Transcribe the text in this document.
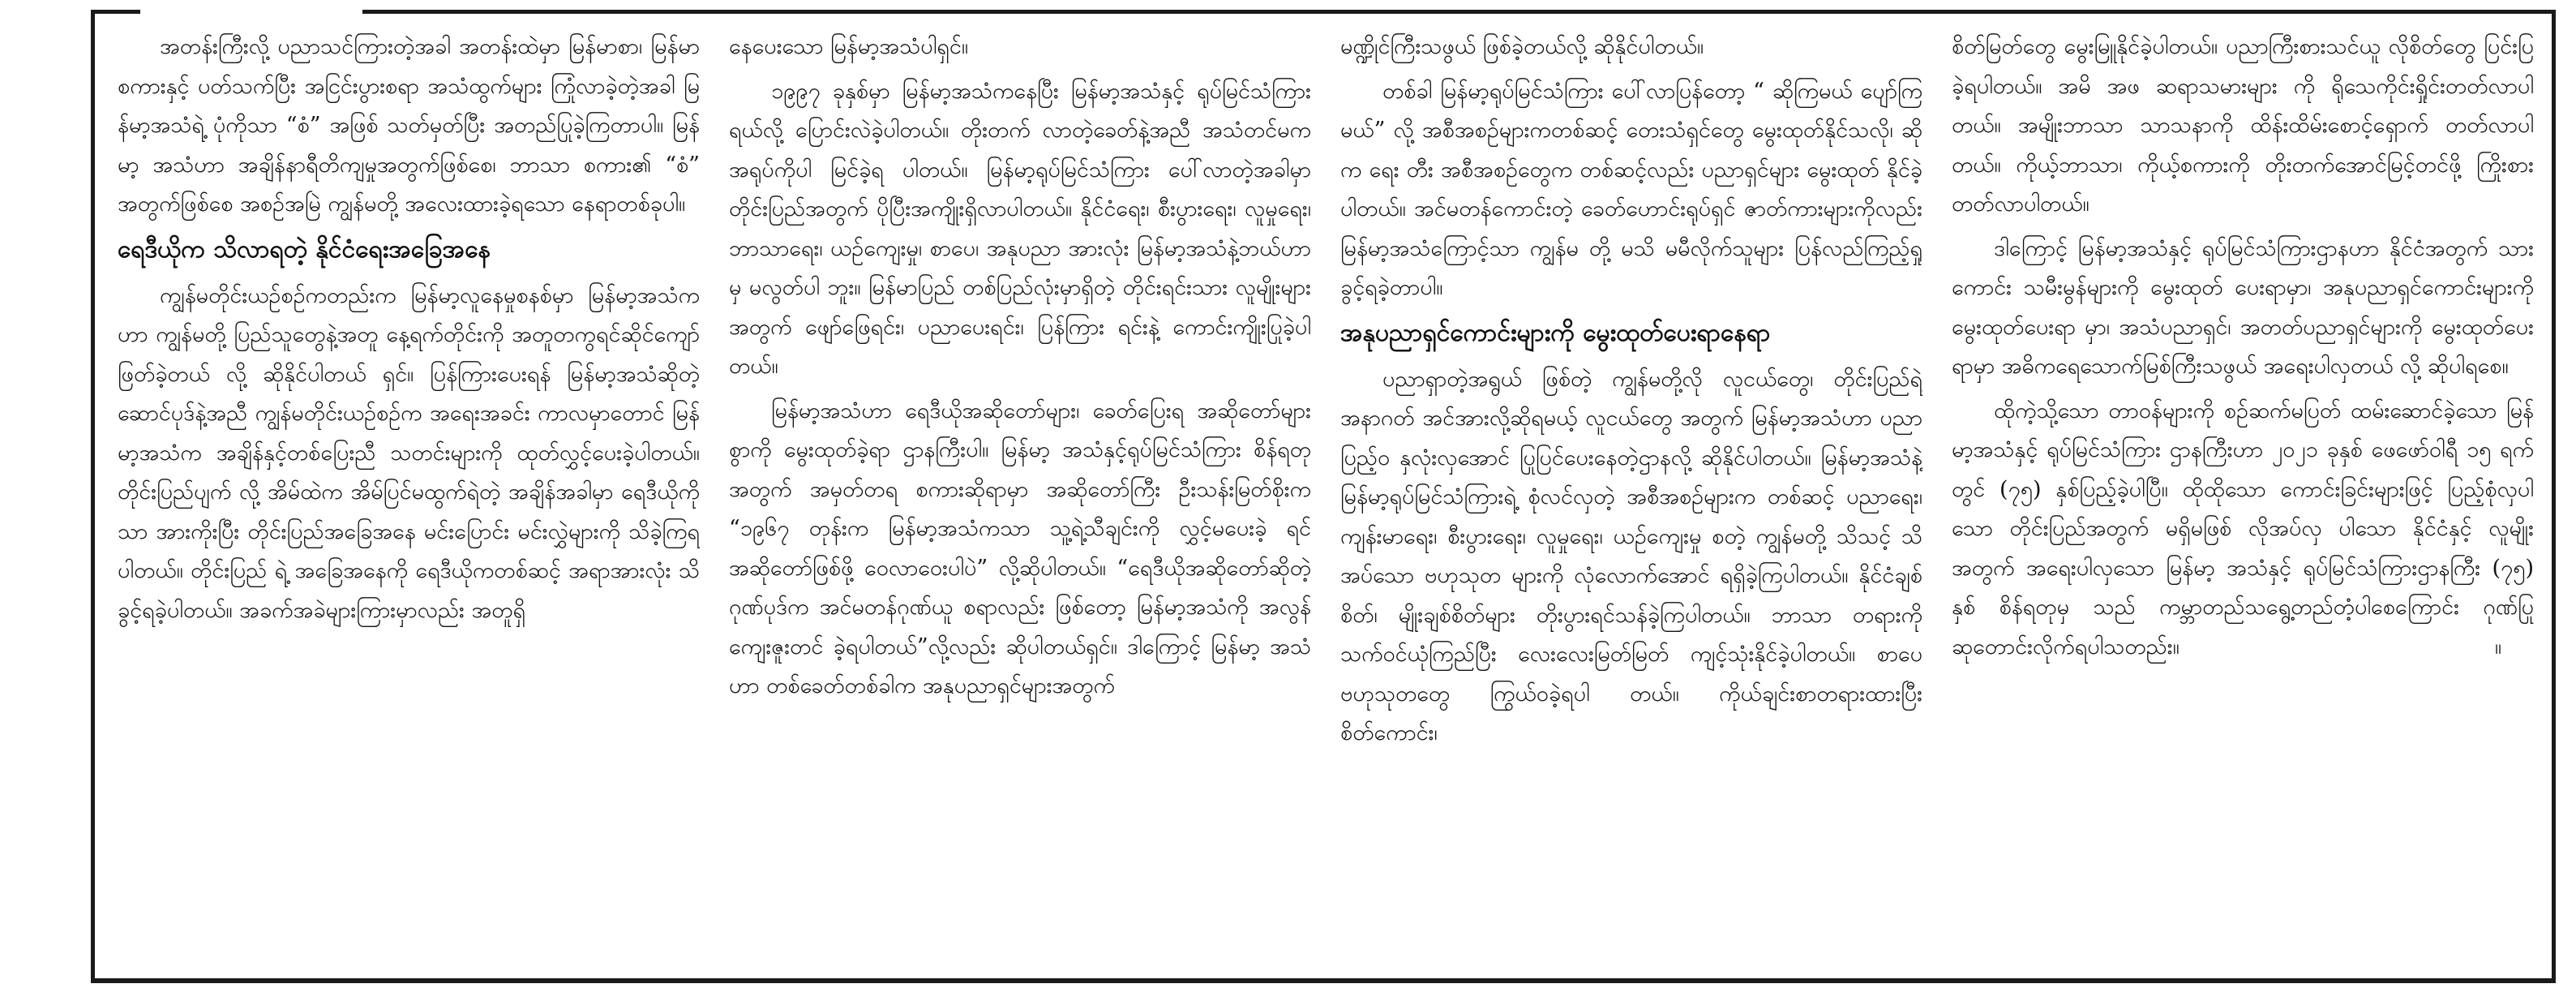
အတန်းကြီးလို့ ပညာသင်ကြားတဲ့အခါ အတန်းထဲမှာ မြန်မာစာ၊ မြန်မာစကားနှင့် ပတ်သက်ပြီး အငြင်းပွားစရာ အသံထွက်များ ကြုံလာခဲ့တဲ့အခါ မြန်မာ့အသံရဲ့ ပုံကိုသာ “စံ” အဖြစ် သတ်မှတ်ပြီး အတည်ပြုခဲ့ကြတာပါ။ မြန်မာ့ အသံဟာ အချိန်နာရီတိကျမှုအတွက်ဖြစ်စေ၊ ဘာသာ စကား၏ “စံ” အတွက်ဖြစ်စေ အစဉ်အမြဲ ကျွန်မတို့ အလေးထားခဲ့ရသော နေရာတစ်ခုပါ။

ရေဒီယိုက သိလာရတဲ့ နိုင်ငံရေးအခြေအနေ

ကျွန်မတိုင်းယဉ်စဉ်ကတည်းက မြန်မာ့လူနေမှုစနစ်မှာ မြန်မာ့အသံကဟာ ကျွန်မတို့ ပြည်သူတွေနဲ့အတူ နေ့ရက်တိုင်းကို အတူတကွရင်ဆိုင်ကျော်ဖြတ်ခဲ့တယ် လို့ ဆိုနိုင်ပါတယ် ရှင်။ ပြန်ကြားပေးရန် မြန်မာ့အသံဆိုတဲ့ ဆောင်ပုဒ်နဲ့အညီ ကျွန်မတိုင်းယဉ်စဉ်က အရေးအခင်း ကာလမှာတောင် မြန်မာ့အသံက အချိန်နှင့်တစ်ပြေးညီ သတင်းများကို ထုတ်လွှင့်ပေးခဲ့ပါတယ်။ တိုင်းပြည်ပျက် လို့ အိမ်ထဲက အိမ်ပြင်မထွက်ရဲတဲ့ အချိန်အခါမှာ ရေဒီယိုကိုသာ အားကိုးပြီး တိုင်းပြည်အခြေအနေ မင်းပြောင်း မင်းလွှဲများကို သိခဲ့ကြရပါတယ်။ တိုင်းပြည် ရဲ့ အခြေအနေကို ရေဒီယိုကတစ်ဆင့် အရာအားလုံး သိခွင့်ရခဲ့ပါတယ်။ အခက်အခဲများကြားမှာလည်း အတူရှိ

နေပေးသော မြန်မာ့အသံပါရှင်။

၁၉၉၇ ခုနှစ်မှာ မြန်မာ့အသံကနေပြီး မြန်မာ့အသံနှင့် ရုပ်မြင်သံကြားရယ်လို့ ပြောင်းလဲခဲ့ပါတယ်။ တိုးတက် လာတဲ့ခေတ်နဲ့အညီ အသံတင်မက အရုပ်ကိုပါ မြင်ခဲ့ရ ပါတယ်။ မြန်မာ့ရုပ်မြင်သံကြား ပေါ်လာတဲ့အခါမှာ တိုင်းပြည်အတွက် ပိုပြီးအကျိုးရှိလာပါတယ်။ နိုင်ငံရေး၊ စီးပွားရေး၊ လူမှုရေး၊ ဘာသာရေး၊ ယဉ်ကျေးမှု၊ စာပေ၊ အနုပညာ အားလုံး မြန်မာ့အသံနဲ့ဘယ်ဟာမှ မလွတ်ပါ ဘူး။ မြန်မာပြည် တစ်ပြည်လုံးမှာရှိတဲ့ တိုင်းရင်းသား လူမျိုးများအတွက် ဖျော်ဖြေရင်း၊ ပညာပေးရင်း၊ ပြန်ကြား ရင်းနဲ့ ကောင်းကျိုးပြုခဲ့ပါတယ်။

မြန်မာ့အသံဟာ ရေဒီယိုအဆိုတော်များ၊ ခေတ်ပြေးရ အဆိုတော်များစွာကို မွေးထုတ်ခဲ့ရာ ဌာနကြီးပါ။ မြန်မာ့ အသံနှင့်ရုပ်မြင်သံကြား စိန်ရတုအတွက် အမှတ်တရ စကားဆိုရာမှာ အဆိုတော်ကြီး ဦးသန်းမြတ်စိုးက “၁၉၆၇ တုန်းက မြန်မာ့အသံကသာ သူ့ရဲ့သီချင်းကို လွှင့်မပေးခဲ့ ရင် အဆိုတော်ဖြစ်ဖို့ ဝေလာဝေးပါပဲ” လို့ဆိုပါတယ်။ “ရေဒီယိုအဆိုတော်ဆိုတဲ့ ဂုဏ်ပုဒ်က အင်မတန်ဂုဏ်ယူ စရာလည်း ဖြစ်တော့ မြန်မာ့အသံကို အလွန်ကျေးဇူးတင် ခဲ့ရပါတယ်”လို့လည်း ဆိုပါတယ်ရှင်။ ဒါကြောင့် မြန်မာ့ အသံဟာ တစ်ခေတ်တစ်ခါက အနုပညာရှင်များအတွက်

မဏ္ဍိုင်ကြီးသဖွယ် ဖြစ်ခဲ့တယ်လို့ ဆိုနိုင်ပါတယ်။

တစ်ခါ မြန်မာ့ရုပ်မြင်သံကြား ပေါ်လာပြန်တော့ “ ဆိုကြမယ် ပျော်ကြမယ်” လို့ အစီအစဉ်များကတစ်ဆင့် တေးသံရှင်တွေ မွေးထုတ်နိုင်သလို၊ ဆို က ရေး တီး အစီအစဉ်တွေက တစ်ဆင့်လည်း ပညာရှင်များ မွေးထုတ် နိုင်ခဲ့ပါတယ်။ အင်မတန်ကောင်းတဲ့ ခေတ်ဟောင်းရုပ်ရှင် ဇာတ်ကားများကိုလည်း မြန်မာ့အသံကြောင့်သာ ကျွန်မ တို့ မသိ မမီလိုက်သူများ ပြန်လည်ကြည့်ရှုခွင့်ရခဲ့တာပါ။

အနုပညာရှင်ကောင်းများကို မွေးထုတ်ပေးရာနေရာ

ပညာရှာတဲ့အရွယ် ဖြစ်တဲ့ ကျွန်မတို့လို လူငယ်တွေ၊ တိုင်းပြည်ရဲ့ အနာဂတ် အင်အားလို့ဆိုရမယ့် လူငယ်တွေ အတွက် မြန်မာ့အသံဟာ ပညာပြည့်ဝ နှလုံးလှအောင် ပြုပြင်ပေးနေတဲ့ဌာနလို့ ဆိုနိုင်ပါတယ်။ မြန်မာ့အသံနဲ့ မြန်မာ့ရုပ်မြင်သံကြားရဲ့ စုံလင်လှတဲ့ အစီအစဉ်များက တစ်ဆင့် ပညာရေး၊ ကျန်းမာရေး၊ စီးပွားရေး၊ လူမှုရေး၊ ယဉ်ကျေးမှု စတဲ့ ကျွန်မတို့ သိသင့် သိအပ်သော ဗဟုသုတ များကို လုံလောက်အောင် ရရှိခဲ့ကြပါတယ်။ နိုင်ငံချစ်စိတ်၊ မျိုးချစ်စိတ်များ တိုးပွားရင်သန်ခဲ့ကြပါတယ်။ ဘာသာ တရားကို သက်ဝင်ယုံကြည်ပြီး လေးလေးမြတ်မြတ် ကျင့်သုံးနိုင်ခဲ့ပါတယ်။ စာပေဗဟုသုတတွေ ကြွယ်ဝခဲ့ရပါ တယ်။ ကိုယ်ချင်းစာတရားထားပြီး စိတ်ကောင်း၊

စိတ်မြတ်တွေ မွေးမြူနိုင်ခဲ့ပါတယ်။ ပညာကြီးစားသင်ယူ လိုစိတ်တွေ ပြင်းပြခဲ့ရပါတယ်။ အမိ အဖ ဆရာသမားများ ကို ရိုသေကိုင်းရှိုင်းတတ်လာပါတယ်။ အမျိုးဘာသာ သာသနာကို ထိန်းထိမ်းစောင့်ရှောက် တတ်လာပါတယ်။ ကိုယ့်ဘာသာ၊ ကိုယ့်စကားကို တိုးတက်အောင်မြင့်တင်ဖို့ ကြိုးစားတတ်လာပါတယ်။

ဒါကြောင့် မြန်မာ့အသံနှင့် ရုပ်မြင်သံကြားဌာနဟာ နိုင်ငံအတွက် သားကောင်း သမီးမွန်များကို မွေးထုတ် ပေးရာမှာ၊ အနုပညာရှင်ကောင်းများကို မွေးထုတ်ပေးရာ မှာ၊ အသံပညာရှင်၊ အတတ်ပညာရှင်များကို မွေးထုတ်ပေး ရာမှာ အဓိကရေသောက်မြစ်ကြီးသဖွယ် အရေးပါလှတယ် လို့ ဆိုပါရစေ။

ထိုကဲ့သို့သော တာဝန်များကို စဉ်ဆက်မပြတ် ထမ်းဆောင်ခဲ့သော မြန်မာ့အသံနှင့် ရုပ်မြင်သံကြား ဌာနကြီးဟာ ၂၀၂၁ ခုနှစ် ဖေဖော်ဝါရီ ၁၅ ရက်တွင် (၇၅) နှစ်ပြည့်ခဲ့ပါပြီ။ ထိုထိုသော ကောင်းခြင်းများဖြင့် ပြည့်စုံလှပါသော တိုင်းပြည်အတွက် မရှိမဖြစ် လိုအပ်လှ ပါသော နိုင်ငံနှင့် လူမျိုးအတွက် အရေးပါလှသော မြန်မာ့ အသံနှင့် ရုပ်မြင်သံကြားဌာနကြီး (၇၅) နှစ် စိန်ရတုမှ သည် ကမ္ဘာတည်သရွေ့တည်တံ့ပါစေကြောင်း ဂုဏ်ပြု ဆုတောင်းလိုက်ရပါသတည်း။	။
